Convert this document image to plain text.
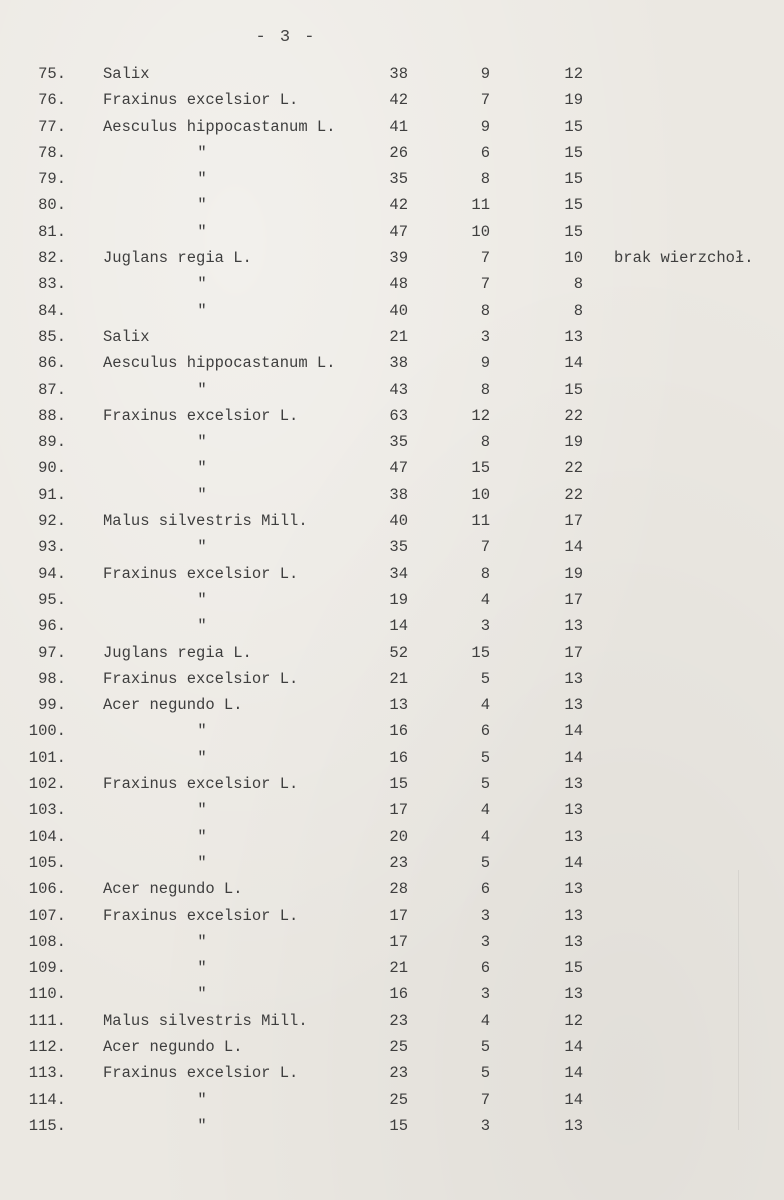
- 3 -
75. Salix	38	9	12
76. Fraxinus excelsior L.	42	7	19
77. Aesculus hippocastanum L.	41	9	15
78.	"	26	6	15
79.	"	35	8	15
80.	"	42	11	15
81.	"	47	10	15
82. Juglans regia L.	39	7	10 brak wierzchoł.
83.	"	48	7	8
84.	"	40	8	8
85. Salix	21	3	13
86. Aesculus hippocastanum L.	38	9	14
87.	"	43	8	15
88. Fraxinus excelsior L.	63	12	22
89.	"	35	8	19
90.	"	47	15	22
91.	"	38	10	22
92. Malus silvestris Mill.	40	11	17
93.	"	35	7	14
94. Fraxinus excelsior L.	34	8	19
95.	"	19	4	17
96.	"	14	3	13
97. Juglans regia L.	52	15	17
98. Fraxinus excelsior L.	21	5	13
99. Acer negundo L.	13	4	13
100.	"	16	6	14
101.	"	16	5	14
102. Fraxinus excelsior L.	15	5	13
103.	"	17	4	13
104.	"	20	4	13
105.	"	23	5	14
106. Acer negundo L.	28	6	13
107. Fraxinus excelsior L.	17	3	13
108.	"	17	3	13
109.	"	21	6	15
110.	"	16	3	13
111. Malus silvestris Mill.	23	4	12
112. Acer negundo L.	25	5	14
113. Fraxinus excelsior L.	23	5	14
114.	"	25	7	14
115.	"	15	3	13
